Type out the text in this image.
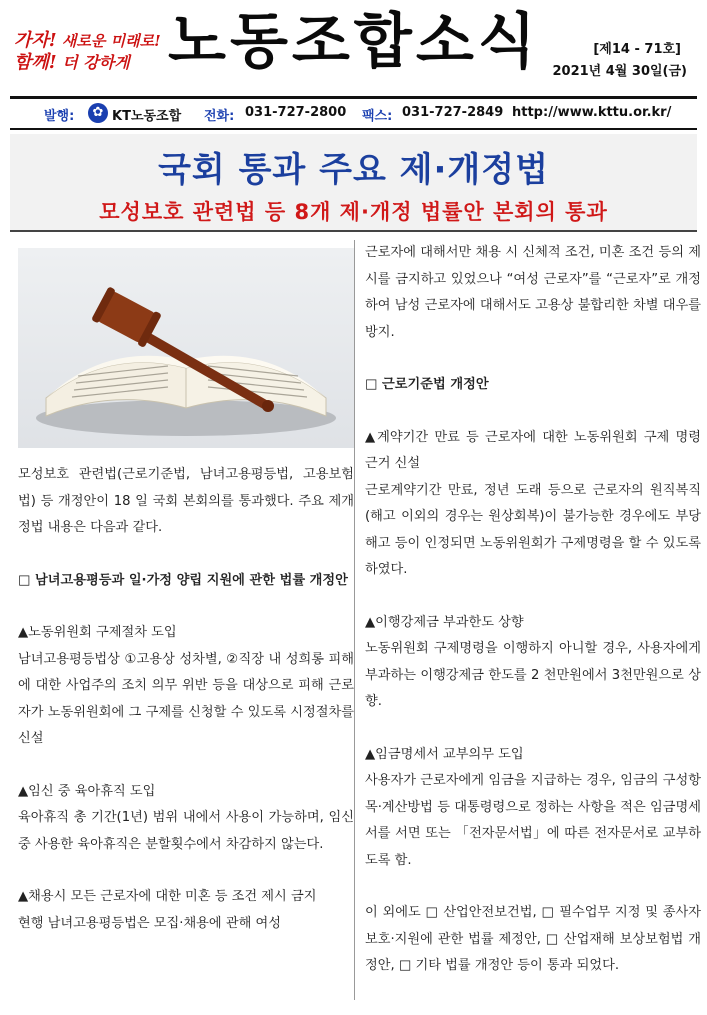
가자! 새로운 미래로!
함께! 더 강하게 노동조합소식	[제14 - 71호]
2021년 4월 30일(금)
발행:	✿ KT노동조합 전화: 031-727-2800 팩스: 031-727-2849 http://www.kttu.or.kr/
국회 통과 주요 제·개정법
모성보호 관련법 등 8개 제·개정 법률안 본회의 통과

모성보호 관련법(근로기준법, 남녀고용평등법, 고용보험법) 등 개정안이 18 일 국회 본회의를 통과했다. 주요 제개정법 내용은 다음과 같다.

□ 남녀고용평등과 일·가정 양립 지원에 관한 법률 개정안

▲노동위원회 구제절차 도입

남녀고용평등법상 ①고용상 성차별, ②직장 내 성희롱 피해에 대한 사업주의 조치 의무 위반 등을 대상으로 피해 근로자가 노동위원회에 그 구제를 신청할 수 있도록 시정절차를 신설

▲임신 중 육아휴직 도입

육아휴직 총 기간(1년) 범위 내에서 사용이 가능하며, 임신 중 사용한 육아휴직은 분할횟수에서 차감하지 않는다.

▲채용시 모든 근로자에 대한 미혼 등 조건 제시 금지

현행 남녀고용평등법은 모집·채용에 관해 여성

근로자에 대해서만 채용 시 신체적 조건, 미혼 조건 등의 제시를 금지하고 있었으나 “여성 근로자”를 “근로자”로 개정하여 남성 근로자에 대해서도 고용상 불합리한 차별 대우를 방지.

□ 근로기준법 개정안

▲계약기간 만료 등 근로자에 대한 노동위원회 구제 명령 근거 신설

근로계약기간 만료, 정년 도래 등으로 근로자의 원직복직(해고 이외의 경우는 원상회복)이 불가능한 경우에도 부당해고 등이 인정되면 노동위원회가 구제명령을 할 수 있도록 하였다.

▲이행강제금 부과한도 상향

노동위원회 구제명령을 이행하지 아니할 경우, 사용자에게 부과하는 이행강제금 한도를 2 천만원에서 3천만원으로 상향.

▲임금명세서 교부의무 도입

사용자가 근로자에게 임금을 지급하는 경우, 임금의 구성항목·계산방법 등 대통령령으로 정하는 사항을 적은 임금명세서를 서면 또는 「전자문서법」에 따른 전자문서로 교부하도록 함.

이 외에도 □ 산업안전보건법, □ 필수업무 지정 및 종사자 보호·지원에 관한 법률 제정안, □ 산업재해 보상보험법 개정안, □ 기타 법률 개정안 등이 통과 되었다.
